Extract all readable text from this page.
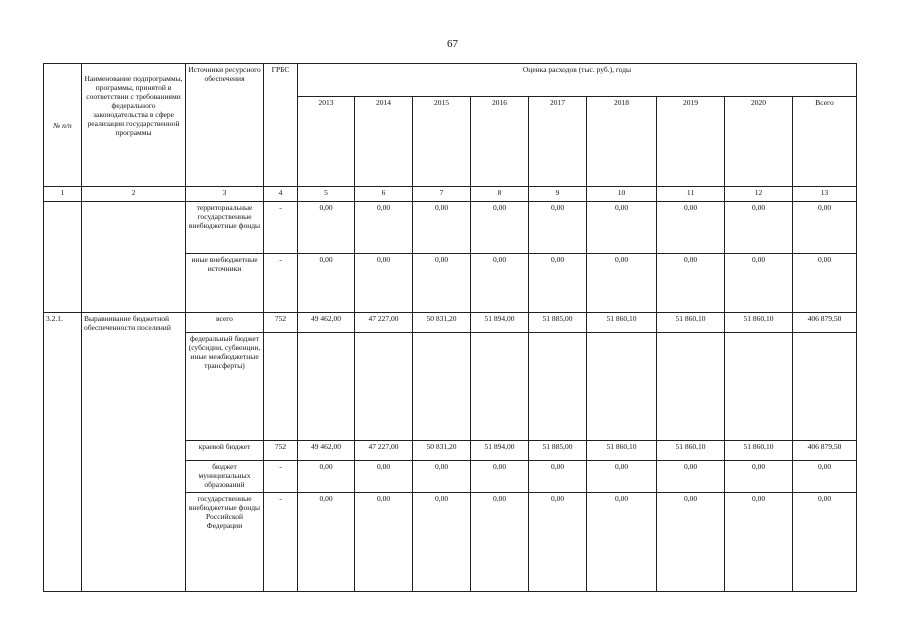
67
№ п/п	Наименование подпрограммы, программы, принятой в соответствии с требованиями федерального законодательства в сфере реализации государственной программы	Источники ресурсного обеспечения	ГРБС	Оценка расходов (тыс. руб.), годы								
				2013	2014	2015	2016	2017	2018	2019	2020	Всего
1	2	3	4	5	6	7	8	9	10	11	12	13
		территориальные государственные внебюджетные фонды	-	0,00	0,00	0,00	0,00	0,00	0,00	0,00	0,00	0,00
		иные внебюджетные источники	-	0,00	0,00	0,00	0,00	0,00	0,00	0,00	0,00	0,00
3.2.1.	Выравнивание бюджетной обеспеченности поселений	всего	752	49 462,00	47 227,00	50 831,20	51 894,00	51 885,00	51 860,10	51 860,10	51 860,10	406 879,50
		федеральный бюджет (субсидии, субвенции, иные межбюджетные трансферты)										
		краевой бюджет	752	49 462,00	47 227,00	50 831,20	51 894,00	51 885,00	51 860,10	51 860,10	51 860,10	406 879,50
		бюджет муниципальных образований	-	0,00	0,00	0,00	0,00	0,00	0,00	0,00	0,00	0,00
		государственные внебюджетные фонды Российской Федерации	-	0,00	0,00	0,00	0,00	0,00	0,00	0,00	0,00	0,00
